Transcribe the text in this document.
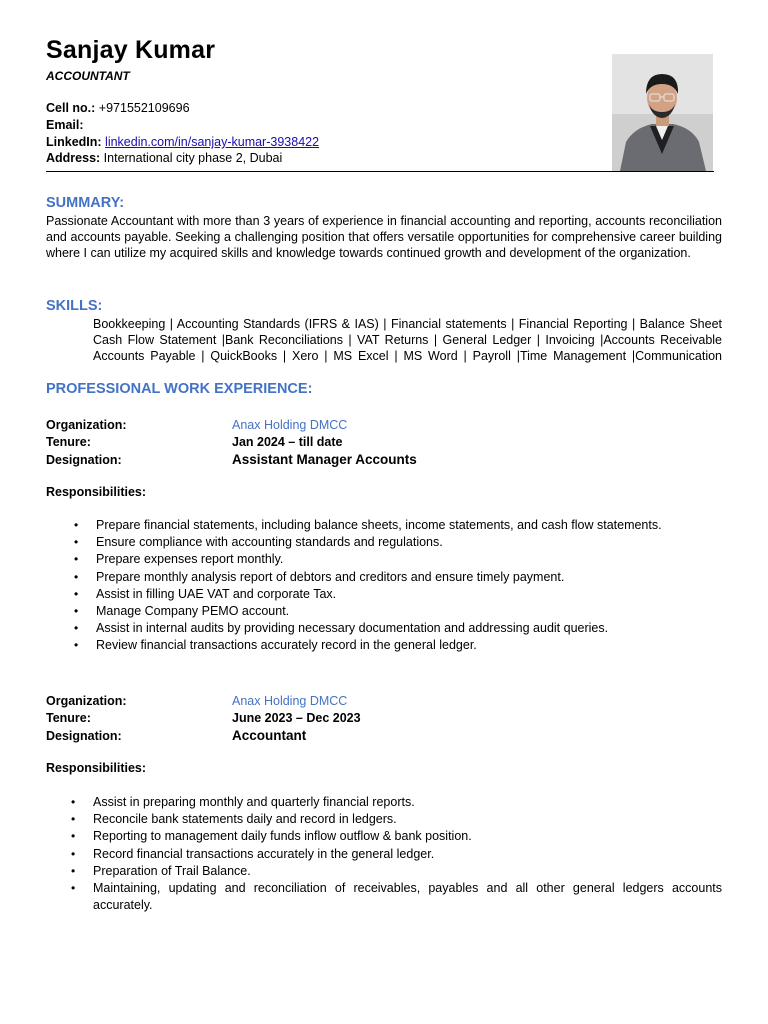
Sanjay Kumar
ACCOUNTANT
Cell no.: +971552109696
Email:
LinkedIn: linkedin.com/in/sanjay-kumar-3938422
Address: International city phase 2, Dubai
SUMMARY:
Passionate Accountant with more than 3 years of experience in financial accounting and reporting, accounts reconciliation and accounts payable. Seeking a challenging position that offers versatile opportunities for comprehensive career building where I can utilize my acquired skills and knowledge towards continued growth and development of the organization.
SKILLS:
Bookkeeping | Accounting Standards (IFRS & IAS) | Financial statements | Financial Reporting | Balance Sheet
Cash Flow Statement |Bank Reconciliations | VAT Returns | General Ledger | Invoicing |Accounts Receivable
Accounts Payable | QuickBooks | Xero | MS Excel | MS Word | Payroll |Time Management |Communication
PROFESSIONAL WORK EXPERIENCE:
Organization:	Anax Holding DMCC
Tenure:	Jan 2024 – till date
Designation:	Assistant Manager Accounts
Responsibilities:
• Prepare financial statements, including balance sheets, income statements, and cash flow statements.
• Ensure compliance with accounting standards and regulations.
• Prepare expenses report monthly.
• Prepare monthly analysis report of debtors and creditors and ensure timely payment.
• Assist in filling UAE VAT and corporate Tax.
• Manage Company PEMO account.
• Assist in internal audits by providing necessary documentation and addressing audit queries.
• Review financial transactions accurately record in the general ledger.
Organization:	Anax Holding DMCC
Tenure:	June 2023 – Dec 2023
Designation:	Accountant
Responsibilities:
• Assist in preparing monthly and quarterly financial reports.
• Reconcile bank statements daily and record in ledgers.
• Reporting to management daily funds inflow outflow & bank position.
• Record financial transactions accurately in the general ledger.
• Preparation of Trail Balance.
• Maintaining, updating and reconciliation of receivables, payables and all other general ledgers accounts accurately.
